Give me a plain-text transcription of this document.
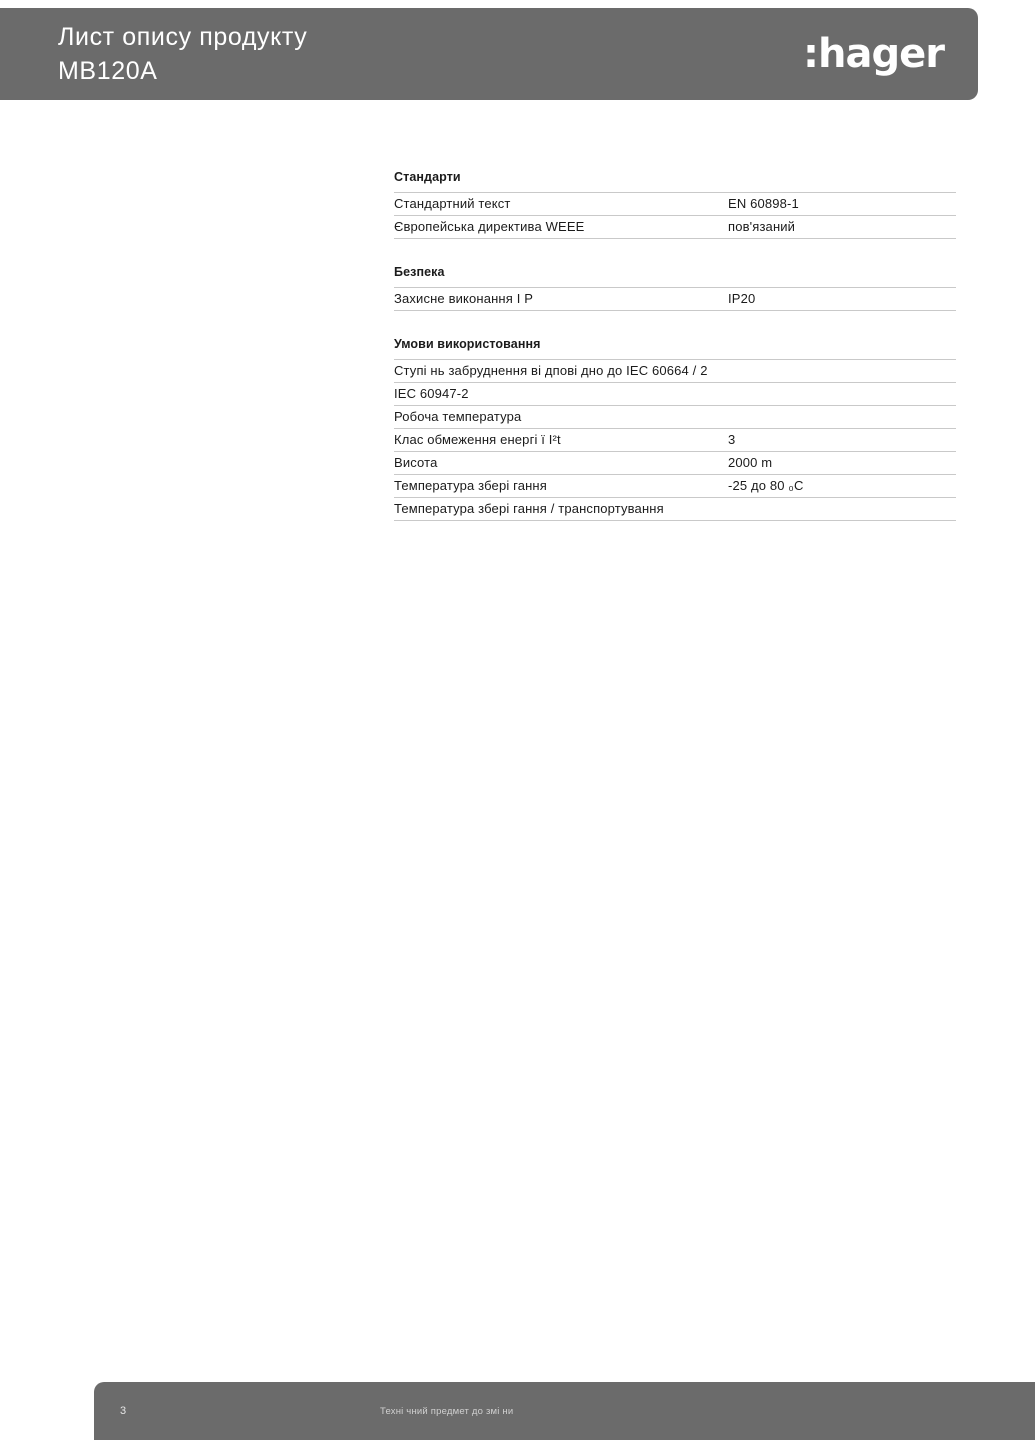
Лист опису продукту
MB120A	:hager
Стандарти
Стандартний текст	EN 60898-1
Європейська директива WEEE	пов'язаний
Безпека
Захисне виконання I P	IP20
Умови використовання
Ступі нь забруднення ві дповi дно до IEC 60664 / 2
IEC 60947-2
Робоча температура
Клас обмеження енергi ї I²t	3
Висота	2000 m
Температура збері гання	-25 до 80 ₀C
Температура збері гання / транспортування
3	Техні чний предмет до змі ни
